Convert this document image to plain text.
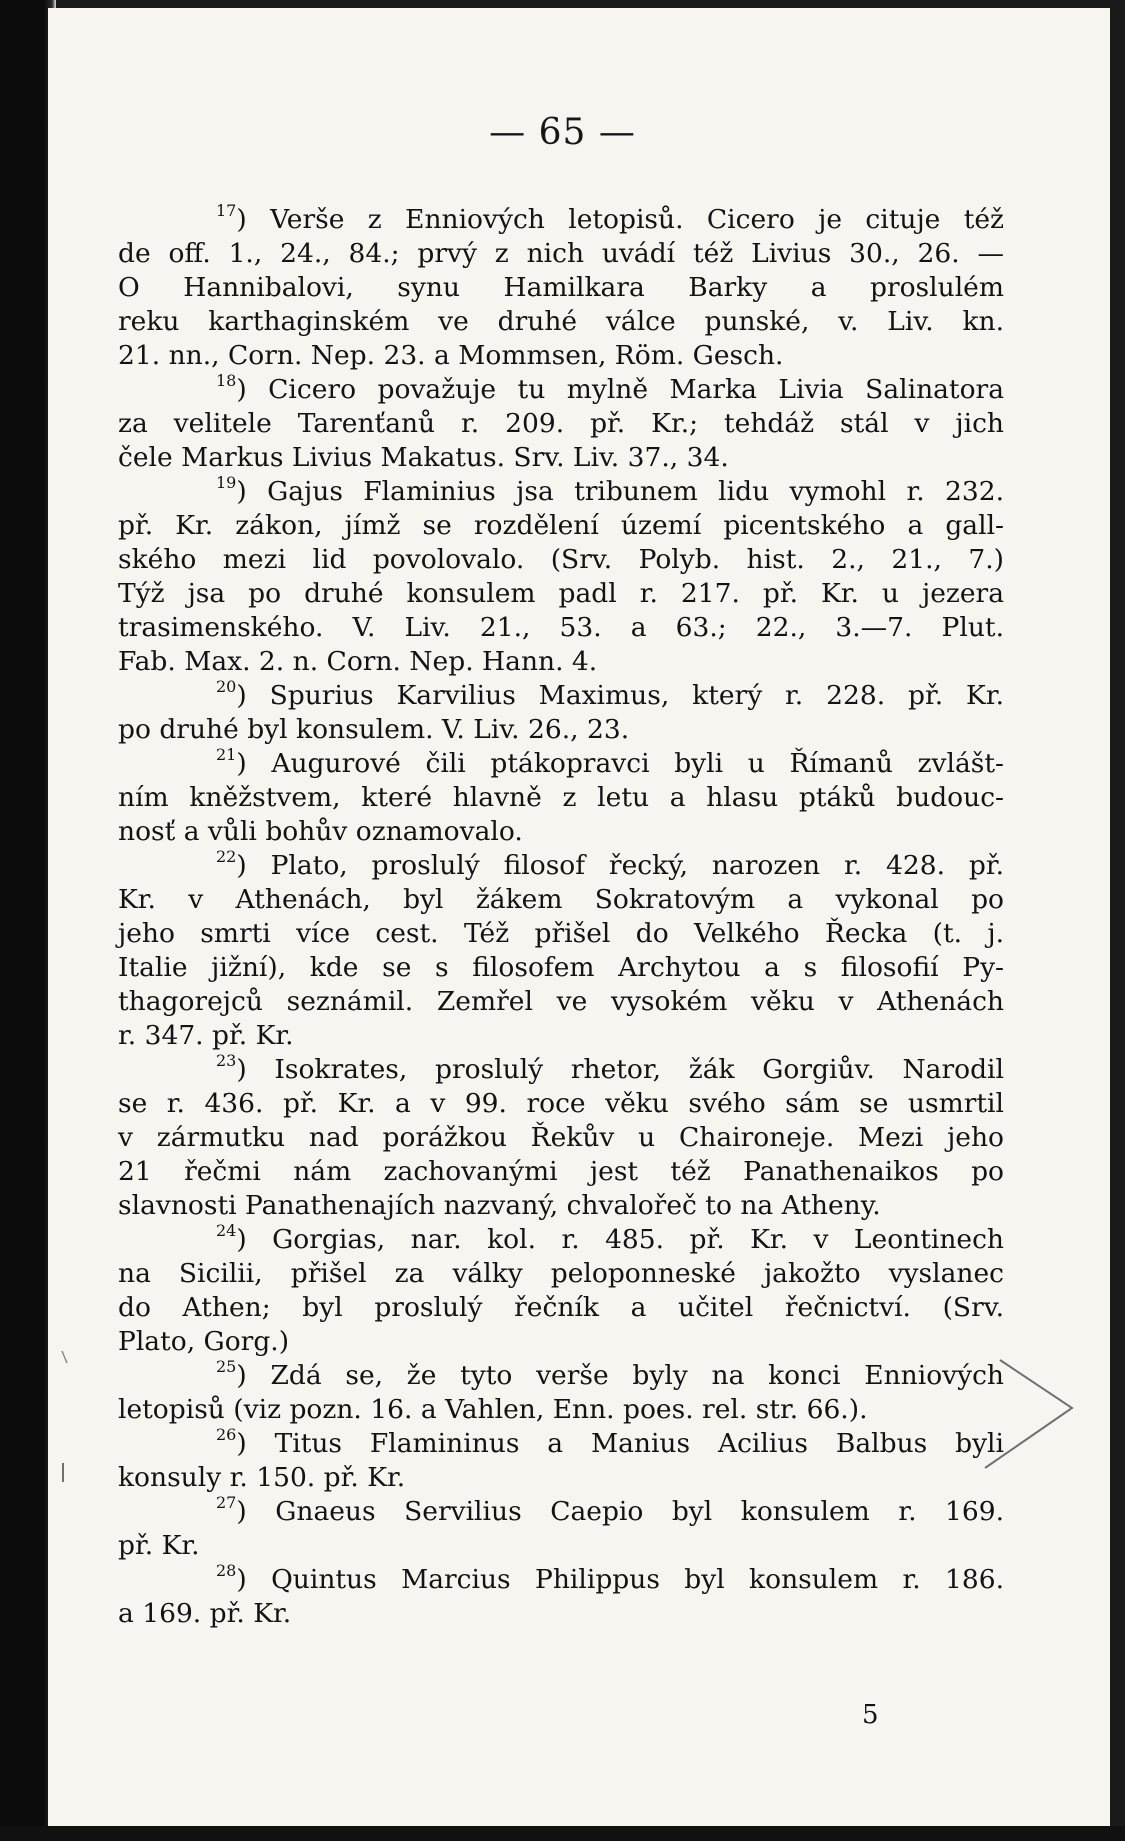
— 65 —
$^{17}$) Verše z Enniových letopisů. Cicero je cituje též
de off. 1., 24., 84.; prvý z nich uvádí též Livius 30., 26. —
O Hannibalovi, synu Hamilkara Barky a proslulém
reku karthaginském ve druhé válce punské, v. Liv. kn.
21. nn., Corn. Nep. 23. a Mommsen, Röm. Gesch.
$^{18}$) Cicero považuje tu mylně Marka Livia Salinatora
za velitele Tarenťanů r. 209. př. Kr.; tehdáž stál v jich
čele Markus Livius Makatus. Srv. Liv. 37., 34.
$^{19}$) Gajus Flaminius jsa tribunem lidu vymohl r. 232.
př. Kr. zákon, jímž se rozdělení území picentského a gall-
ského mezi lid povolovalo. (Srv. Polyb. hist. 2., 21., 7.)
Týž jsa po druhé konsulem padl r. 217. př. Kr. u jezera
trasimenského. V. Liv. 21., 53. a 63.; 22., 3.—7. Plut.
Fab. Max. 2. n. Corn. Nep. Hann. 4.
$^{20}$) Spurius Karvilius Maximus, který r. 228. př. Kr.
po druhé byl konsulem. V. Liv. 26., 23.
$^{21}$) Augurové čili ptákopravci byli u Římanů zvlášt-
ním kněžstvem, které hlavně z letu a hlasu ptáků budouc-
nosť a vůli bohův oznamovalo.
$^{22}$) Plato, proslulý filosof řecký, narozen r. 428. př.
Kr. v Athenách, byl žákem Sokratovým a vykonal po
jeho smrti více cest. Též přišel do Velkého Řecka (t. j.
Italie jižní), kde se s filosofem Archytou a s filosofií Py-
thagorejců seznámil. Zemřel ve vysokém věku v Athenách
r. 347. př. Kr.
$^{23}$) Isokrates, proslulý rhetor, žák Gorgiův. Narodil
se r. 436. př. Kr. a v 99. roce věku svého sám se usmrtil
v zármutku nad porážkou Řekův u Chaironeje. Mezi jeho
21 řečmi nám zachovanými jest též Panathenaikos po
slavnosti Panathenajích nazvaný, chvalořeč to na Atheny.
$^{24}$) Gorgias, nar. kol. r. 485. př. Kr. v Leontinech
na Sicilii, přišel za války peloponneské jakožto vyslanec
do Athen; byl proslulý řečník a učitel řečnictví. (Srv.
Plato, Gorg.)
$^{25}$) Zdá se, že tyto verše byly na konci Enniových
letopisů (viz pozn. 16. a Vahlen, Enn. poes. rel. str. 66.).
$^{26}$) Titus Flamininus a Manius Acilius Balbus byli
konsuly r. 150. př. Kr.
$^{27}$) Gnaeus Servilius Caepio byl konsulem r. 169.
př. Kr.
$^{28}$) Quintus Marcius Philippus byl konsulem r. 186.
a 169. př. Kr.
5
